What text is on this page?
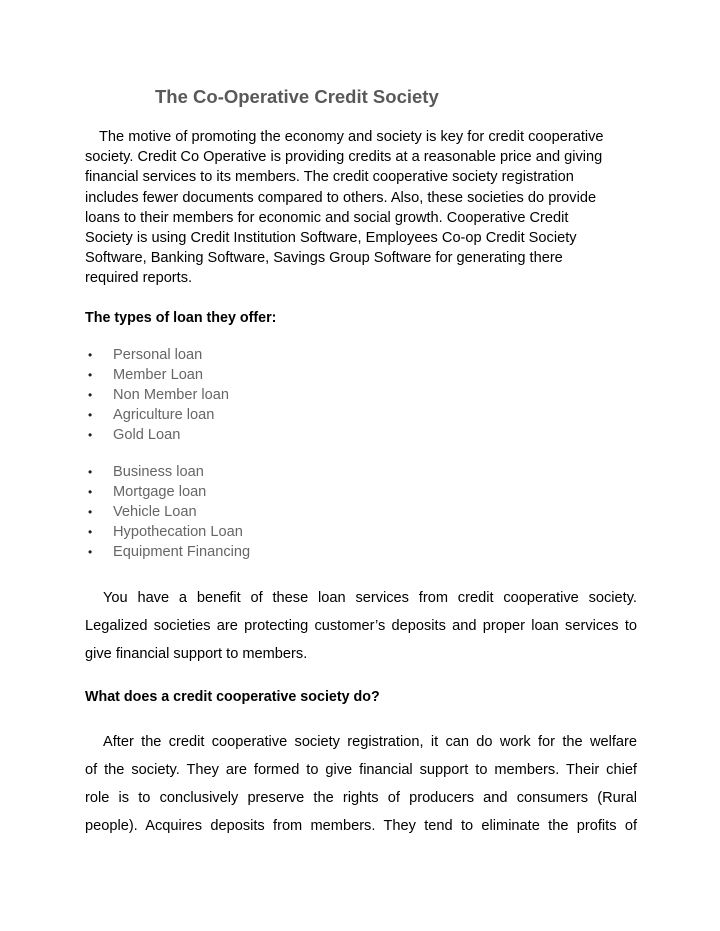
The Co-Operative Credit Society
The motive of promoting the economy and society is key for credit cooperative
society. Credit Co Operative is providing credits at a reasonable price and giving
financial services to its members. The credit cooperative society registration
includes fewer documents compared to others. Also, these societies do provide
loans to their members for economic and social growth. Cooperative Credit
Society is using Credit Institution Software, Employees Co-op Credit Society
Software, Banking Software, Savings Group Software for generating there
required reports.
The types of loan they offer:
• Personal loan
• Member Loan
• Non Member loan
• Agriculture loan
• Gold Loan
• Business loan
• Mortgage loan
• Vehicle Loan
• Hypothecation Loan
• Equipment Financing
You have a benefit of these loan services from credit cooperative society.
Legalized societies are protecting customer’s deposits and proper loan services to
give financial support to members.
What does a credit cooperative society do?
After the credit cooperative society registration, it can do work for the welfare
of the society. They are formed to give financial support to members. Their chief
role is to conclusively preserve the rights of producers and consumers (Rural
people). Acquires deposits from members. They tend to eliminate the profits of
